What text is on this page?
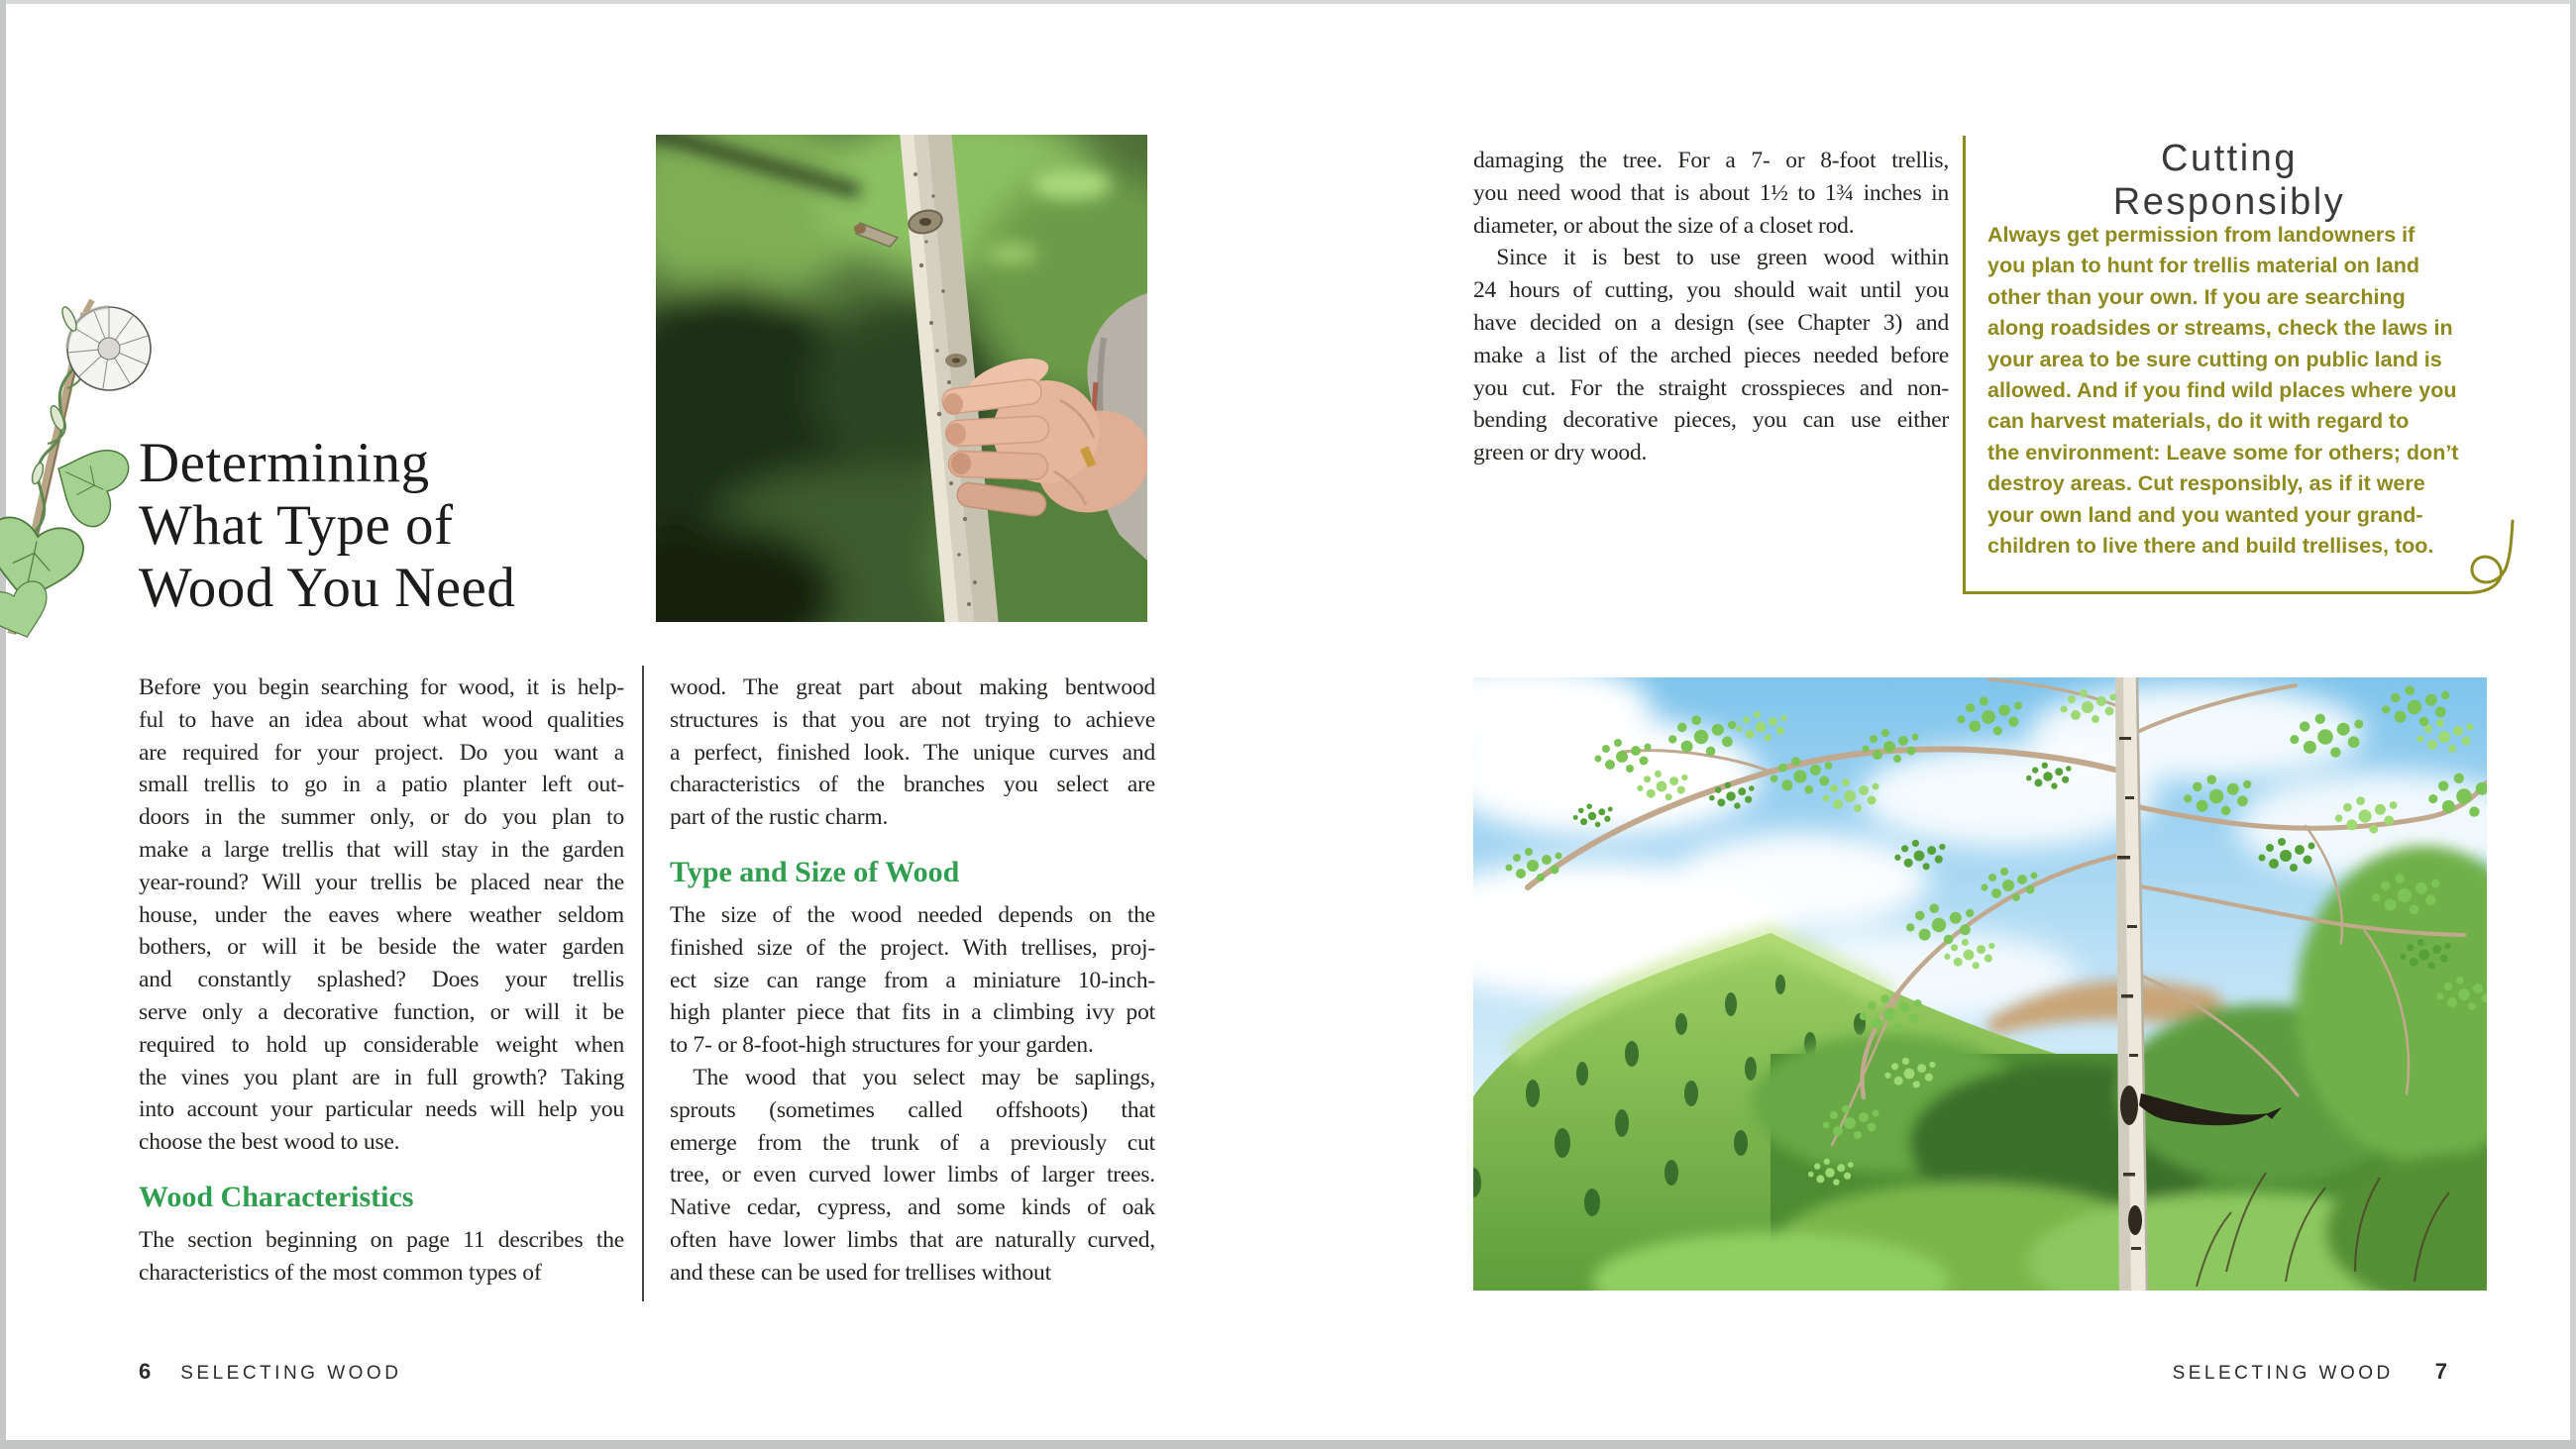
Determining
What Type of
Wood You Need
Before you begin searching for wood, it is help-
ful to have an idea about what wood qualities
are required for your project. Do you want a
small trellis to go in a patio planter left out-
doors in the summer only, or do you plan to
make a large trellis that will stay in the garden
year-round? Will your trellis be placed near the
house, under the eaves where weather seldom
bothers, or will it be beside the water garden
and constantly splashed? Does your trellis
serve only a decorative function, or will it be
required to hold up considerable weight when
the vines you plant are in full growth? Taking
into account your particular needs will help you
choose the best wood to use.
Wood Characteristics
The section beginning on page 11 describes the
characteristics of the most common types of
wood. The great part about making bentwood
structures is that you are not trying to achieve
a perfect, finished look. The unique curves and
characteristics of the branches you select are
part of the rustic charm.
Type and Size of Wood
The size of the wood needed depends on the
finished size of the project. With trellises, proj-
ect size can range from a miniature 10-inch-
high planter piece that fits in a climbing ivy pot
to 7- or 8-foot-high structures for your garden.
 The wood that you select may be saplings,
sprouts (sometimes called offshoots) that
emerge from the trunk of a previously cut
tree, or even curved lower limbs of larger trees.
Native cedar, cypress, and some kinds of oak
often have lower limbs that are naturally curved,
and these can be used for trellises without
damaging the tree. For a 7- or 8-foot trellis,
you need wood that is about 1½ to 1¾ inches in
diameter, or about the size of a closet rod.
 Since it is best to use green wood within
24 hours of cutting, you should wait until you
have decided on a design (see Chapter 3) and
make a list of the arched pieces needed before
you cut. For the straight crosspieces and non-
bending decorative pieces, you can use either
green or dry wood.
Cutting
Responsibly
Always get permission from landowners if
you plan to hunt for trellis material on land
other than your own. If you are searching
along roadsides or streams, check the laws in
your area to be sure cutting on public land is
allowed. And if you find wild places where you
can harvest materials, do it with regard to
the environment: Leave some for others; don’t
destroy areas. Cut responsibly, as if it were
your own land and you wanted your grand-
children to live there and build trellises, too.
6 SELECTING WOOD	SELECTING WOOD 7
